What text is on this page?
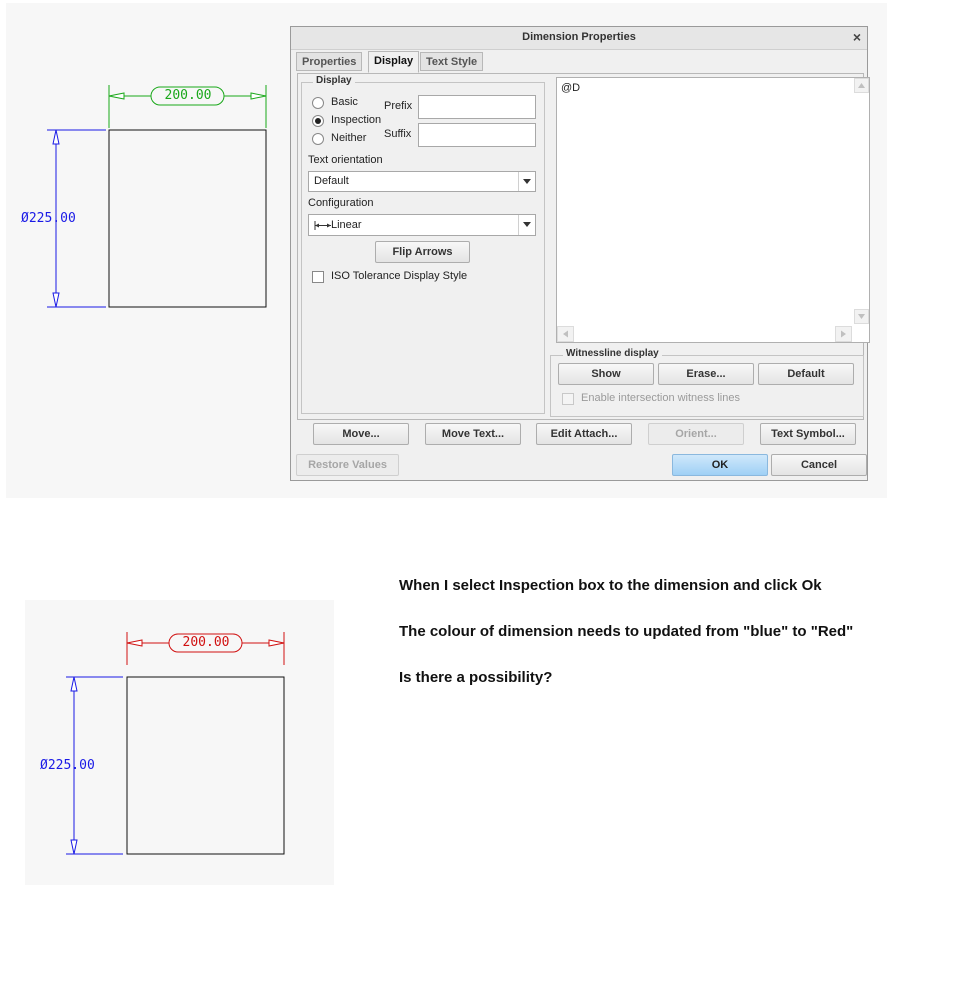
200.00
Ø225.00
Dimension Properties	×
Properties	Display	Text Style
Display
Basic
Inspection
Neither
Prefix
Suffix
Text orientation
Default
Configuration
Linear
Flip Arrows
ISO Tolerance Display Style
@D
Witnessline display
Show	Erase...	Default
Enable intersection witness lines
Move...	Move Text...	Edit Attach...	Orient...	Text Symbol...
Restore Values	OK	Cancel
200.00
Ø225.00
When I select Inspection box to the dimension and click Ok
The colour of dimension needs to updated from "blue" to "Red"
Is there a possibility?
